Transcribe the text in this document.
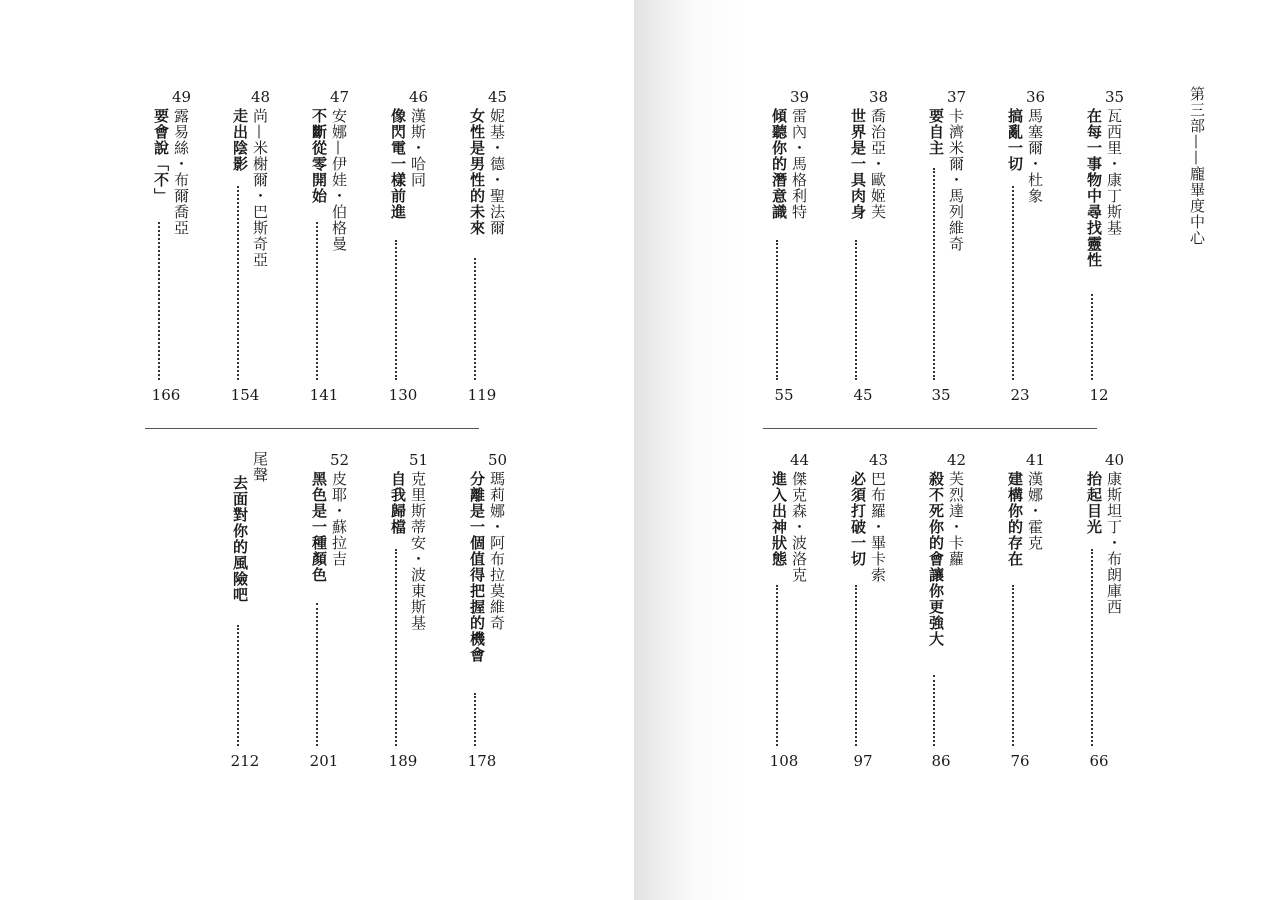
第三部——龐畢度中心
35
瓦西里・康丁斯基
在每一事物中尋找靈性
12
36
馬塞爾・杜象
搞亂一切
23
37
卡濟米爾・馬列維奇
要自主
35
38
喬治亞・歐姬芙
世界是一具肉身
45
39
雷內・馬格利特
傾聽你的潛意識
55
40
康斯坦丁・布朗庫西
抬起目光
66
41
漢娜・霍克
建構你的存在
76
42
芙烈達・卡蘿
殺不死你的會讓你更強大
86
43
巴布羅・畢卡索
必須打破一切
97
44
傑克森・波洛克
進入出神狀態
108
45
妮基・德・聖法爾
女性是男性的未來
119
46
漢斯・哈同
像閃電一樣前進
130
47
安娜—伊娃・伯格曼
不斷從零開始
141
48
尚—米榭爾・巴斯奇亞
走出陰影
154
49
露易絲・布爾喬亞
要會說「不」
166
50
瑪莉娜・阿布拉莫維奇
分離是一個值得把握的機會
178
51
克里斯蒂安・波東斯基
自我歸檔
189
52
皮耶・蘇拉吉
黑色是一種顏色
201
尾聲
去面對你的風險吧
212
